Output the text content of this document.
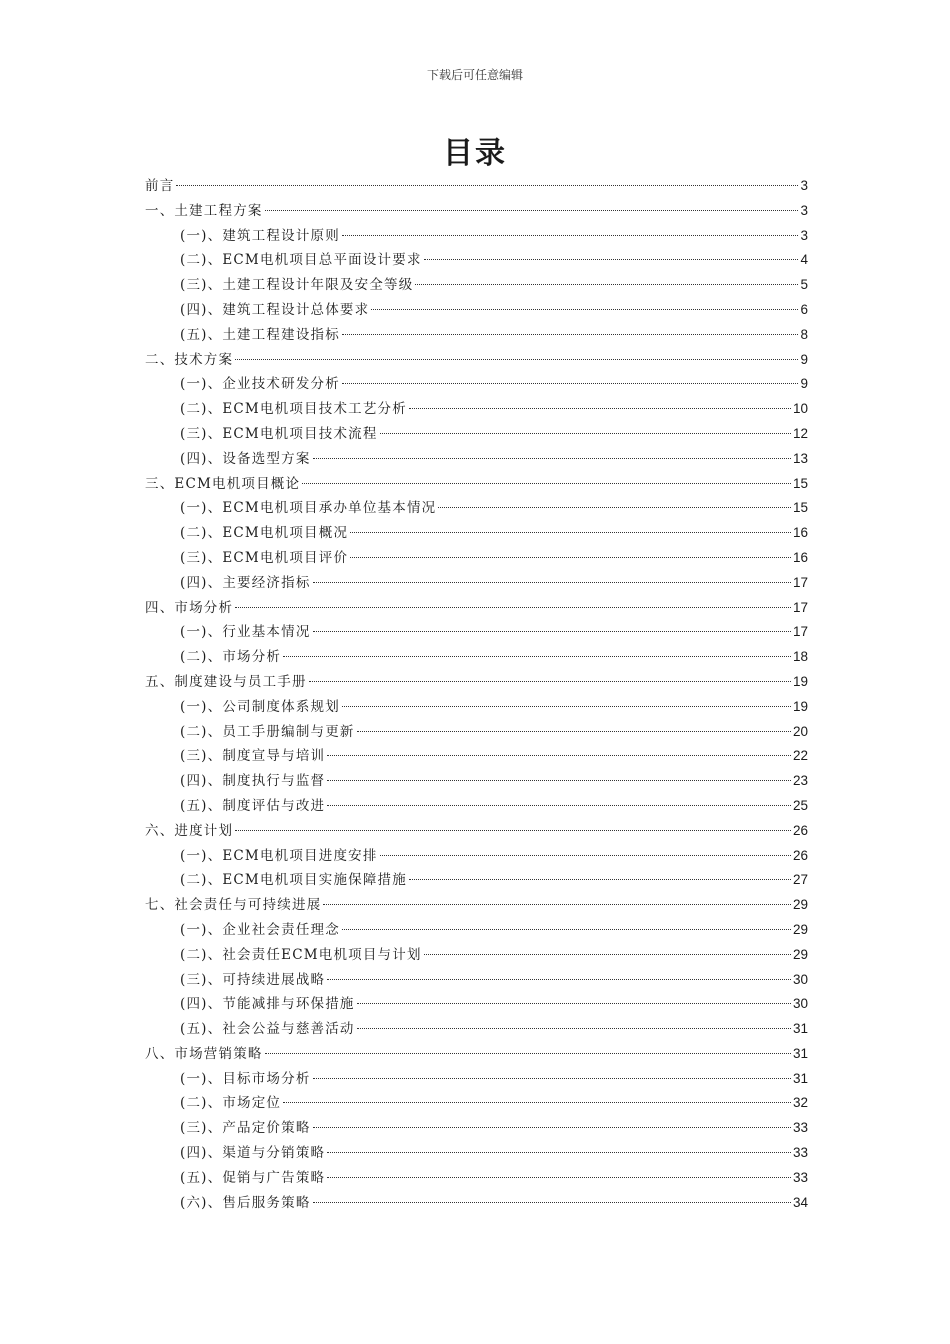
下载后可任意编辑
目录
前言	3
一、土建工程方案	3
(一)、建筑工程设计原则	3
(二)、ECM电机项目总平面设计要求	4
(三)、土建工程设计年限及安全等级	5
(四)、建筑工程设计总体要求	6
(五)、土建工程建设指标	8
二、技术方案	9
(一)、企业技术研发分析	9
(二)、ECM电机项目技术工艺分析	10
(三)、ECM电机项目技术流程	12
(四)、设备选型方案	13
三、ECM电机项目概论	15
(一)、ECM电机项目承办单位基本情况	15
(二)、ECM电机项目概况	16
(三)、ECM电机项目评价	16
(四)、主要经济指标	17
四、市场分析	17
(一)、行业基本情况	17
(二)、市场分析	18
五、制度建设与员工手册	19
(一)、公司制度体系规划	19
(二)、员工手册编制与更新	20
(三)、制度宣导与培训	22
(四)、制度执行与监督	23
(五)、制度评估与改进	25
六、进度计划	26
(一)、ECM电机项目进度安排	26
(二)、ECM电机项目实施保障措施	27
七、社会责任与可持续进展	29
(一)、企业社会责任理念	29
(二)、社会责任ECM电机项目与计划	29
(三)、可持续进展战略	30
(四)、节能减排与环保措施	30
(五)、社会公益与慈善活动	31
八、市场营销策略	31
(一)、目标市场分析	31
(二)、市场定位	32
(三)、产品定价策略	33
(四)、渠道与分销策略	33
(五)、促销与广告策略	33
(六)、售后服务策略	34
